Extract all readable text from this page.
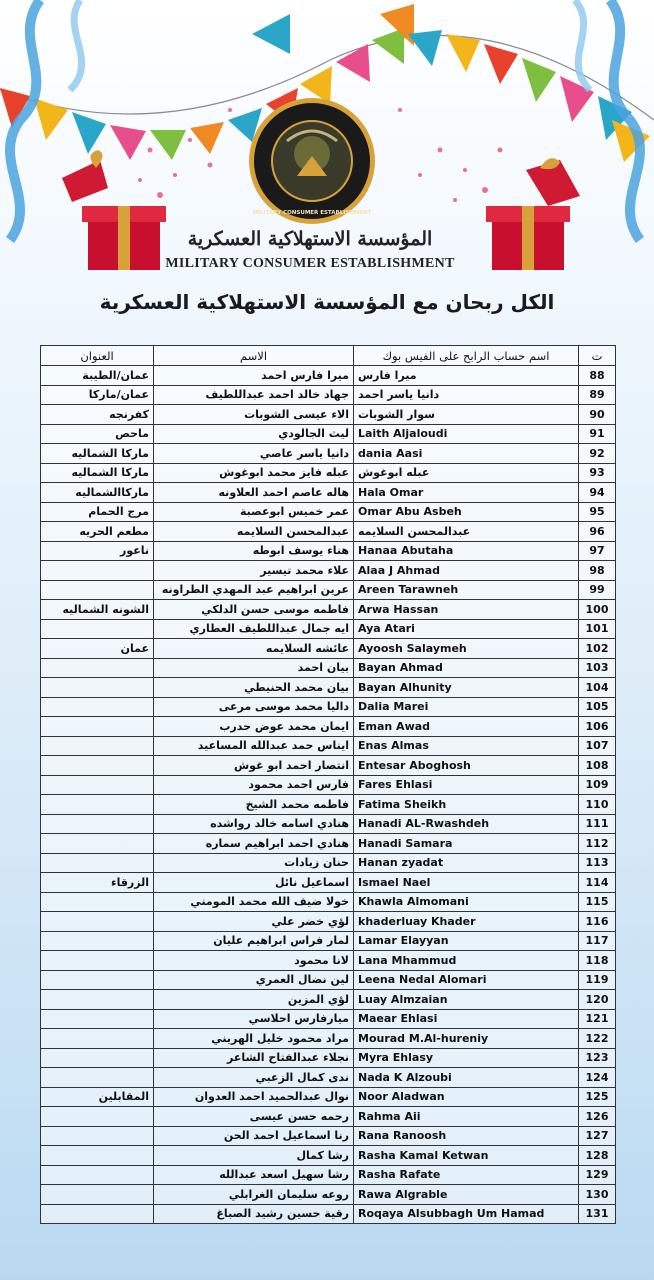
MILITARY CONSUMER ESTABLISHMENT
المؤسسة الاستهلاكية العسكرية
MILITARY CONSUMER ESTABLISHMENT
الكل ربحان مع المؤسسة الاستهلاكية العسكرية
ت	اسم حساب الرابح على الفيس بوك	الاسم	العنوان
88	ميرا فارس	ميرا فارس احمد	عمان/الطيبة
89	دانيا ياسر احمد	جهاد خالد احمد عبداللطيف	عمان/ماركا
90	سوار الشوبات	الاء عيسى الشوبات	كفرنجه
91	Laith Aljaloudi	ليث الجالودي	ماحص
92	dania Aasi	دانيا ياسر عاصي	ماركا الشماليه
93	عبله ابوغوش	عبله فايز محمد ابوغوش	ماركا الشماليه
94	Hala Omar	هاله عاصم احمد العلاونه	ماركاالشماليه
95	Omar Abu Asbeh	عمر خميس ابوعصبة	مرج الحمام
96	عبدالمحسن السلايمه	عبدالمحسن السلايمه	مطعم الحريه
97	Hanaa Abutaha	هناء يوسف ابوطه	ناعور
98	Alaa J Ahmad	علاء محمد تيسير	
99	Areen Tarawneh	عرين ابراهيم عبد المهدي الطراونه	
100	Arwa Hassan	فاطمه موسى حسن الدلكي	الشونه الشماليه
101	Aya Atari	ايه جمال عبداللطيف العطاري	
102	Ayoosh Salaymeh	عائشه السلايمه	عمان
103	Bayan Ahmad	بيان احمد	
104	Bayan Alhunity	بيان محمد الحنيطي	
105	Dalia Marei	داليا محمد موسى مرعى	
106	Eman Awad	ايمان محمد عوض حدرب	
107	Enas Almas	ايناس حمد عبدالله المساعيد	
108	Entesar Aboghosh	انتصار احمد ابو غوش	
109	Fares Ehlasi	فارس احمد محمود	
110	Fatima Sheikh	فاطمه محمد الشيخ	
111	Hanadi AL-Rwashdeh	هنادي اسامه خالد رواشده	
112	Hanadi Samara	هنادي احمد ابراهيم سماره	
113	Hanan zyadat	حنان زيادات	
114	Ismael Nael	اسماعيل نائل	الزرقاء
115	Khawla Almomani	خولا ضيف الله محمد المومني	
116	khaderluay Khader	لؤي خضر علي	
117	Lamar Elayyan	لمار فراس ابراهيم عليان	
118	Lana Mhammud	لانا محمود	
119	Leena Nedal Alomari	لين نضال العمري	
120	Luay Almzaian	لؤي المزين	
121	Maear Ehlasi	ميارفارس احلاسي	
122	Mourad M.Al-hureniy	مراد محمود خليل الهريني	
123	Myra Ehlasy	نجلاء عبدالفتاح الشاعر	
124	Nada K Alzoubi	ندى كمال الزعبي	
125	Noor Aladwan	نوال عبدالحميد احمد العدوان	المقابلين
126	Rahma Aii	رحمه حسن عيسى	
127	Rana Ranoosh	رنا اسماعيل احمد الحن	
128	Rasha Kamal Ketwan	رشا كمال	
129	Rasha Rafate	رشا سهيل اسعد عبدالله	
130	Rawa Algrable	روعه سليمان الغرابلي	
131	Roqaya Alsubbagh Um Hamad	رقية حسين رشيد الصباغ	
